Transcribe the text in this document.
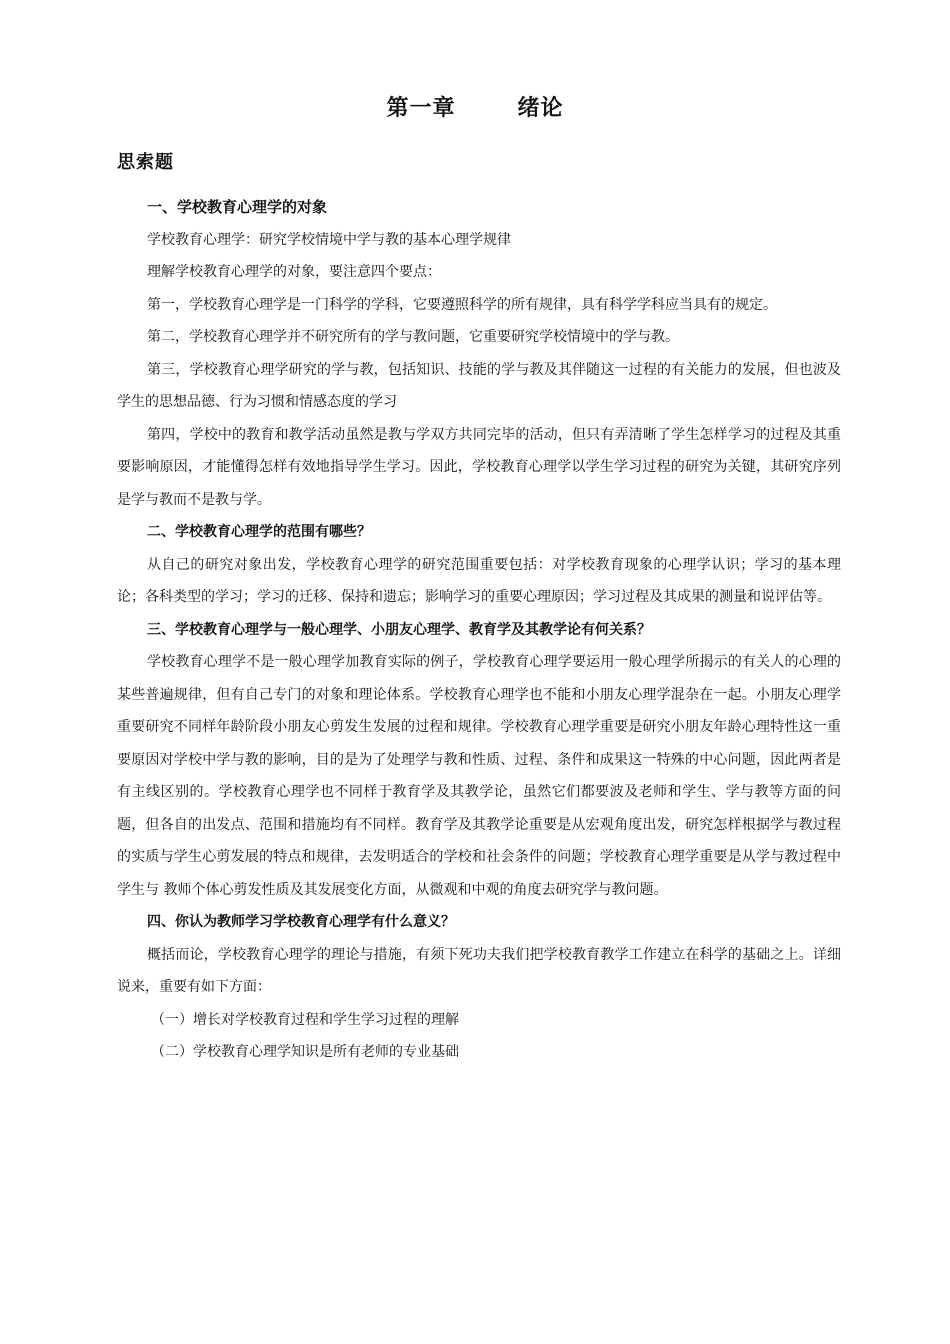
第一章	绪论
思索题

一、学校教育心理学的对象

学校教育心理学：研究学校情境中学与教的基本心理学规律

理解学校教育心理学的对象，要注意四个要点：

第一，学校教育心理学是一门科学的学科，它要遵照科学的所有规律，具有科学学科应当具有的规定。

第二，学校教育心理学并不研究所有的学与教问题，它重要研究学校情境中的学与教。

第三，学校教育心理学研究的学与教，包括知识、技能的学与教及其伴随这一过程的有关能力的发展，但也波及学生的思想品德、行为习惯和情感态度的学习

第四，学校中的教育和教学活动虽然是教与学双方共同完毕的活动，但只有弄清晰了学生怎样学习的过程及其重要影响原因，才能懂得怎样有效地指导学生学习。因此，学校教育心理学以学生学习过程的研究为关键，其研究序列是学与教而不是教与学。

二、学校教育心理学的范围有哪些？

从自己的研究对象出发，学校教育心理学的研究范围重要包括：对学校教育现象的心理学认识；学习的基本理论；各科类型的学习；学习的迁移、保持和遗忘；影响学习的重要心理原因；学习过程及其成果的测量和说评估等。

三、学校教育心理学与一般心理学、小朋友心理学、教育学及其教学论有何关系？

学校教育心理学不是一般心理学加教育实际的例子，学校教育心理学要运用一般心理学所揭示的有关人的心理的某些普遍规律，但有自己专门的对象和理论体系。学校教育心理学也不能和小朋友心理学混杂在一起。小朋友心理学重要研究不同样年龄阶段小朋友心剪发生发展的过程和规律。学校教育心理学重要是研究小朋友年龄心理特性这一重要原因对学校中学与教的影响，目的是为了处理学与教和性质、过程、条件和成果这一特殊的中心问题，因此两者是有主线区别的。学校教育心理学也不同样于教育学及其教学论，虽然它们都要波及老师和学生、学与教等方面的问题，但各自的出发点、范围和措施均有不同样。教育学及其教学论重要是从宏观角度出发，研究怎样根据学与教过程的实质与学生心剪发展的特点和规律，去发明适合的学校和社会条件的问题；学校教育心理学重要是从学与教过程中学生与 教师个体心剪发性质及其发展变化方面，从微观和中观的角度去研究学与教问题。

四、你认为教师学习学校教育心理学有什么意义？

概括而论，学校教育心理学的理论与措施，有须下死功夫我们把学校教育教学工作建立在科学的基础之上。详细说来，重要有如下方面：

（一）增长对学校教育过程和学生学习过程的理解

（二）学校教育心理学知识是所有老师的专业基础
